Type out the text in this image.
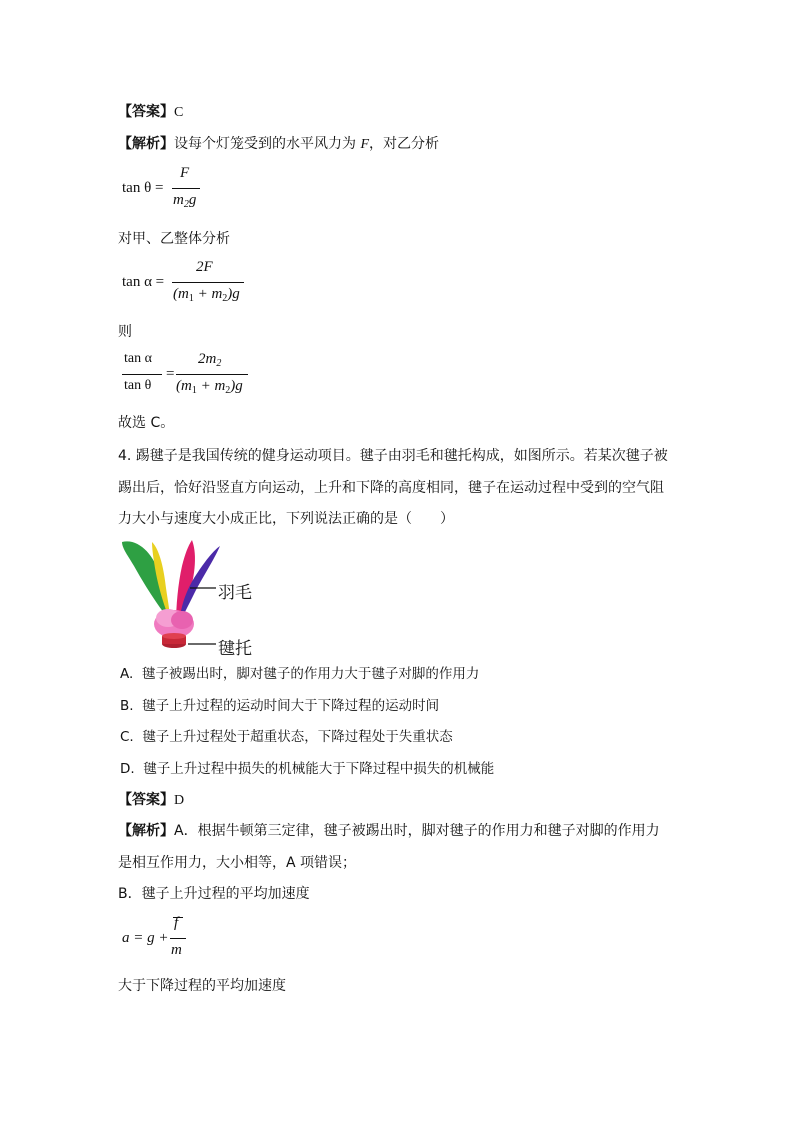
【答案】C
【解析】设每个灯笼受到的水平风力为 F，对乙分析
tan θ =
F
$m_2g$
对甲、乙整体分析
tan α =
2F
$(m_1 + m_2)g$
则
tan α
tan θ
=
$2m_2$
$(m_1 + m_2)g$
故选 C。
4. 踢毽子是我国传统的健身运动项目。毽子由羽毛和毽托构成，如图所示。若某次毽子被
踢出后，恰好沿竖直方向运动，上升和下降的高度相同，毽子在运动过程中受到的空气阻
力大小与速度大小成正比，下列说法正确的是（　　）
羽毛
毽托
A. 毽子被踢出时，脚对毽子的作用力大于毽子对脚的作用力
B. 毽子上升过程的运动时间大于下降过程的运动时间
C. 毽子上升过程处于超重状态，下降过程处于失重状态
D. 毽子上升过程中损失的机械能大于下降过程中损失的机械能
【答案】D
【解析】A．根据牛顿第三定律，毽子被踢出时，脚对毽子的作用力和毽子对脚的作用力
是相互作用力，大小相等，A 项错误；
B．毽子上升过程的平均加速度
a = g +
f
m
大于下降过程的平均加速度
